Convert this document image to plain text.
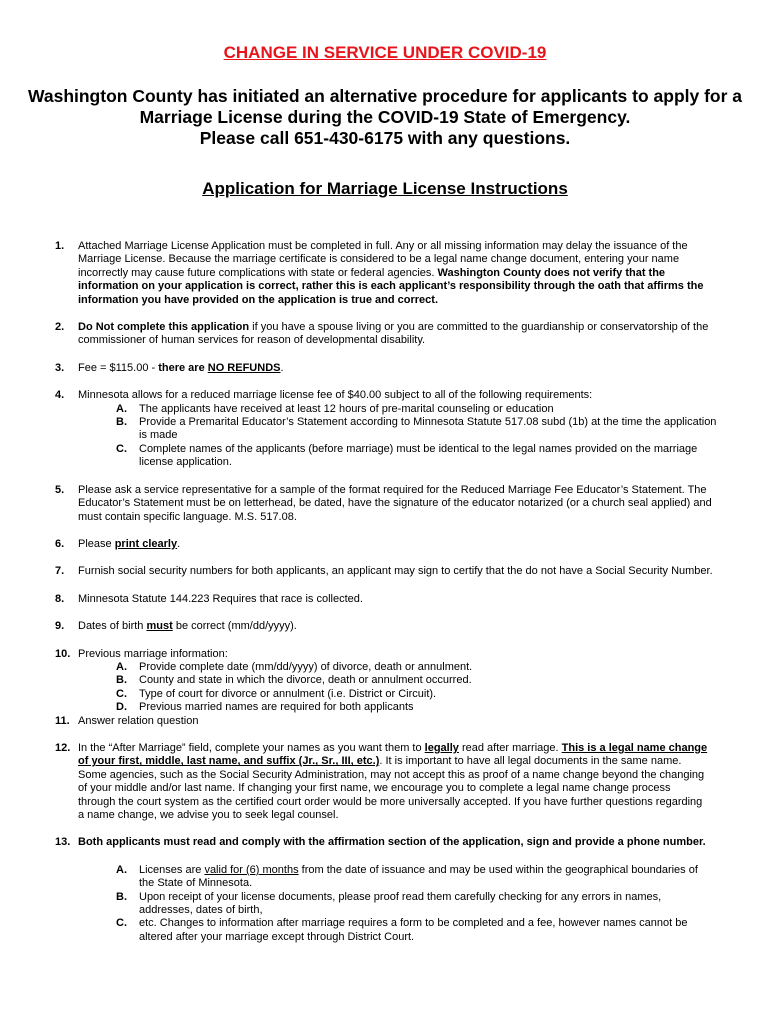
CHANGE IN SERVICE UNDER COVID-19
Washington County has initiated an alternative procedure for applicants to apply for a
Marriage License during the COVID-19 State of Emergency.
Please call 651-430-6175 with any questions.
Application for Marriage License Instructions
1. Attached Marriage License Application must be completed in full. Any or all missing information may delay the issuance of the
Marriage License. Because the marriage certificate is considered to be a legal name change document, entering your name
incorrectly may cause future complications with state or federal agencies. Washington County does not verify that the
information on your application is correct, rather this is each applicant’s responsibility through the oath that affirms the
information you have provided on the application is true and correct.
2. Do Not complete this application if you have a spouse living or you are committed to the guardianship or conservatorship of the
commissioner of human services for reason of developmental disability.
3. Fee = $115.00 - there are NO REFUNDS.
4. Minnesota allows for a reduced marriage license fee of $40.00 subject to all of the following requirements:
A. The applicants have received at least 12 hours of pre-marital counseling or education
B. Provide a Premarital Educator’s Statement according to Minnesota Statute 517.08 subd (1b) at the time the application
is made
C. Complete names of the applicants (before marriage) must be identical to the legal names provided on the marriage
license application.
5. Please ask a service representative for a sample of the format required for the Reduced Marriage Fee Educator’s Statement. The
Educator’s Statement must be on letterhead, be dated, have the signature of the educator notarized (or a church seal applied) and
must contain specific language. M.S. 517.08.
6. Please print clearly.
7. Furnish social security numbers for both applicants, an applicant may sign to certify that the do not have a Social Security Number.
8. Minnesota Statute 144.223 Requires that race is collected.
9. Dates of birth must be correct (mm/dd/yyyy).
10. Previous marriage information:
A. Provide complete date (mm/dd/yyyy) of divorce, death or annulment.
B. County and state in which the divorce, death or annulment occurred.
C. Type of court for divorce or annulment (i.e. District or Circuit).
D. Previous married names are required for both applicants
11. Answer relation question
12. In the “After Marriage” field, complete your names as you want them to legally read after marriage. This is a legal name change
of your first, middle, last name, and suffix (Jr., Sr., III, etc.). It is important to have all legal documents in the same name.
Some agencies, such as the Social Security Administration, may not accept this as proof of a name change beyond the changing
of your middle and/or last name. If changing your first name, we encourage you to complete a legal name change process
through the court system as the certified court order would be more universally accepted. If you have further questions regarding
a name change, we advise you to seek legal counsel.
13. Both applicants must read and comply with the affirmation section of the application, sign and provide a phone number.
A. Licenses are valid for (6) months from the date of issuance and may be used within the geographical boundaries of
the State of Minnesota.
B. Upon receipt of your license documents, please proof read them carefully checking for any errors in names,
addresses, dates of birth,
C. etc. Changes to information after marriage requires a form to be completed and a fee, however names cannot be
altered after your marriage except through District Court.
